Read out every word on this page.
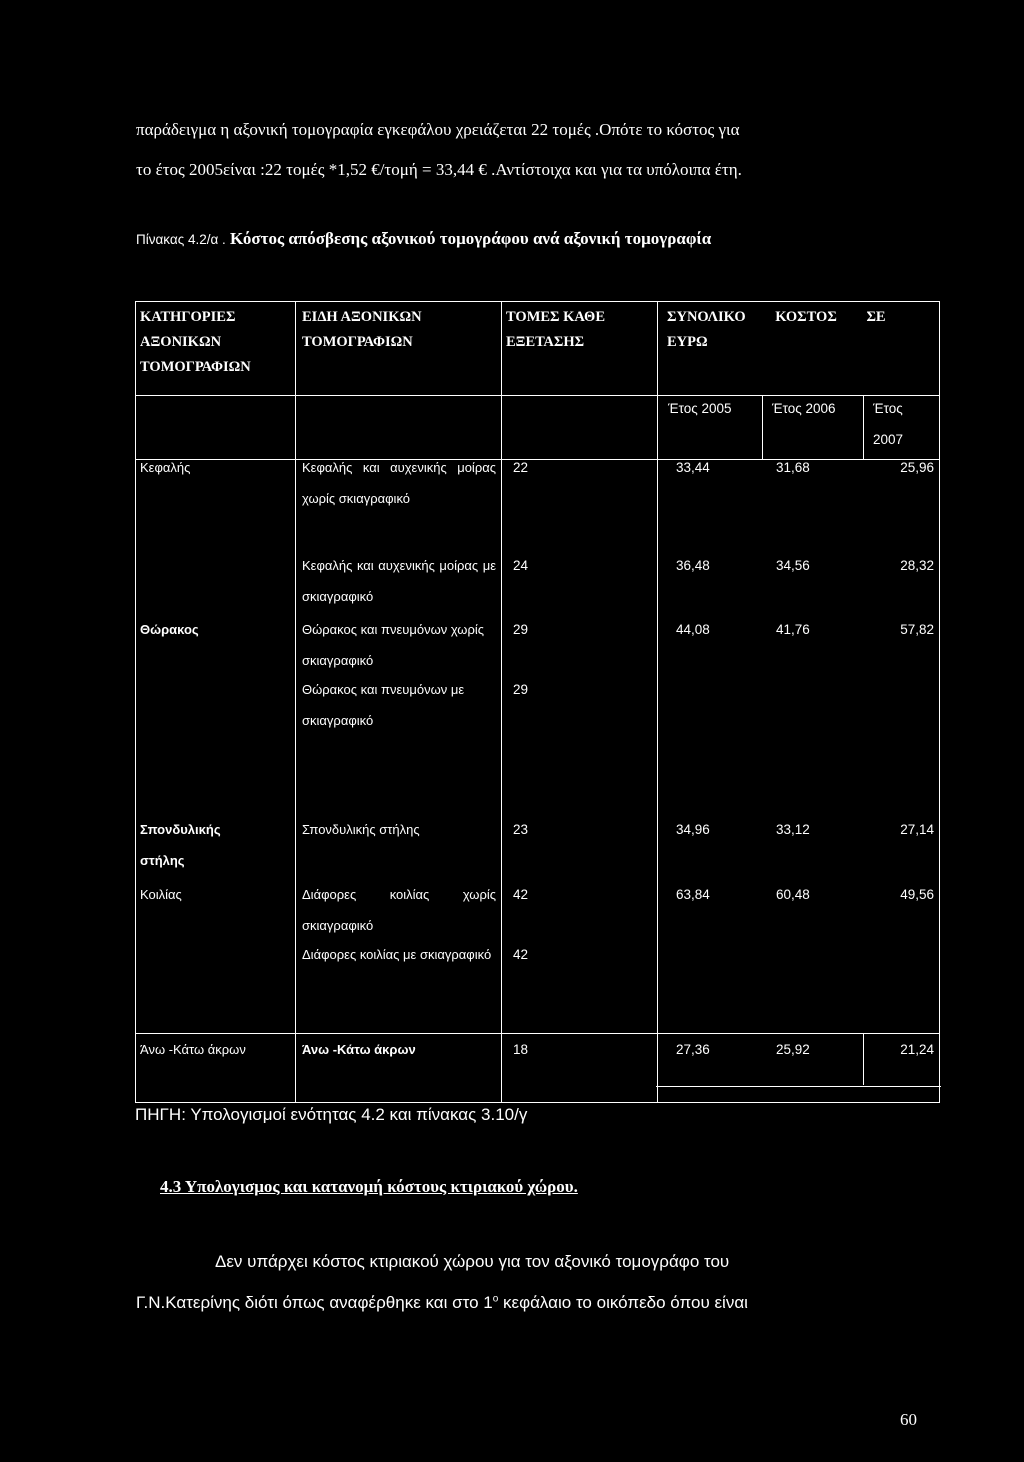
παράδειγμα η αξονική τομογραφία εγκεφάλου χρειάζεται 22 τομές .Οπότε το κόστος για
το έτος 2005είναι :22 τομές *1,52 €/τομή = 33,44 € .Αντίστοιχα και για τα υπόλοιπα έτη.
Πίνακας 4.2/α . Κόστος απόσβεσης αξονικού τομογράφου ανά αξονική τομογραφία
ΚΑΤΗΓΟΡΙΕΣ
ΑΞΟΝΙΚΩΝ
ΤΟΜΟΓΡΑΦΙΩΝ
ΕΙΔΗ ΑΞΟΝΙΚΩΝ
ΤΟΜΟΓΡΑΦΙΩΝ
ΤΟΜΕΣ ΚΑΘΕ
ΕΞΕΤΑΣΗΣ
ΣΥΝΟΛΙΚΟ ΚΟΣΤΟΣ ΣΕ
ΕΥΡΩ
Έτος 2005	Έτος 2006	Έτος 2007
Κεφαλής
Θώρακος
Σπονδυλικής στήλης
Κοιλίας
Άνω -Κάτω άκρων
Κεφαλής και αυχενικής μοίρας χωρίς σκιαγραφικό
Κεφαλής και αυχενικής μοίρας με σκιαγραφικό
Θώρακος και πνευμόνων χωρίς σκιαγραφικό
Θώρακος και πνευμόνων με σκιαγραφικό
Σπονδυλικής στήλης
Διάφορες κοιλίας χωρίς σκιαγραφικό
Διάφορες κοιλίας με σκιαγραφικό
Άνω -Κάτω άκρων
22
24
29
29
23
42
42
18
33,44
36,48
44,08
34,96
63,84
27,36
31,68
34,56
41,76
33,12
60,48
25,92
25,96
28,32
57,82
27,14
49,56
21,24
ΠΗΓΗ: Υπολογισμοί ενότητας 4.2 και πίνακας 3.10/γ
4.3 Υπολογισμος και κατανομή κόστους κτιριακού χώρου.
Δεν υπάρχει κόστος κτιριακού χώρου για τον αξονικό τομογράφο του
Γ.Ν.Κατερίνης διότι όπως αναφέρθηκε και στο $1^o$ κεφάλαιο το οικόπεδο όπου είναι
60
